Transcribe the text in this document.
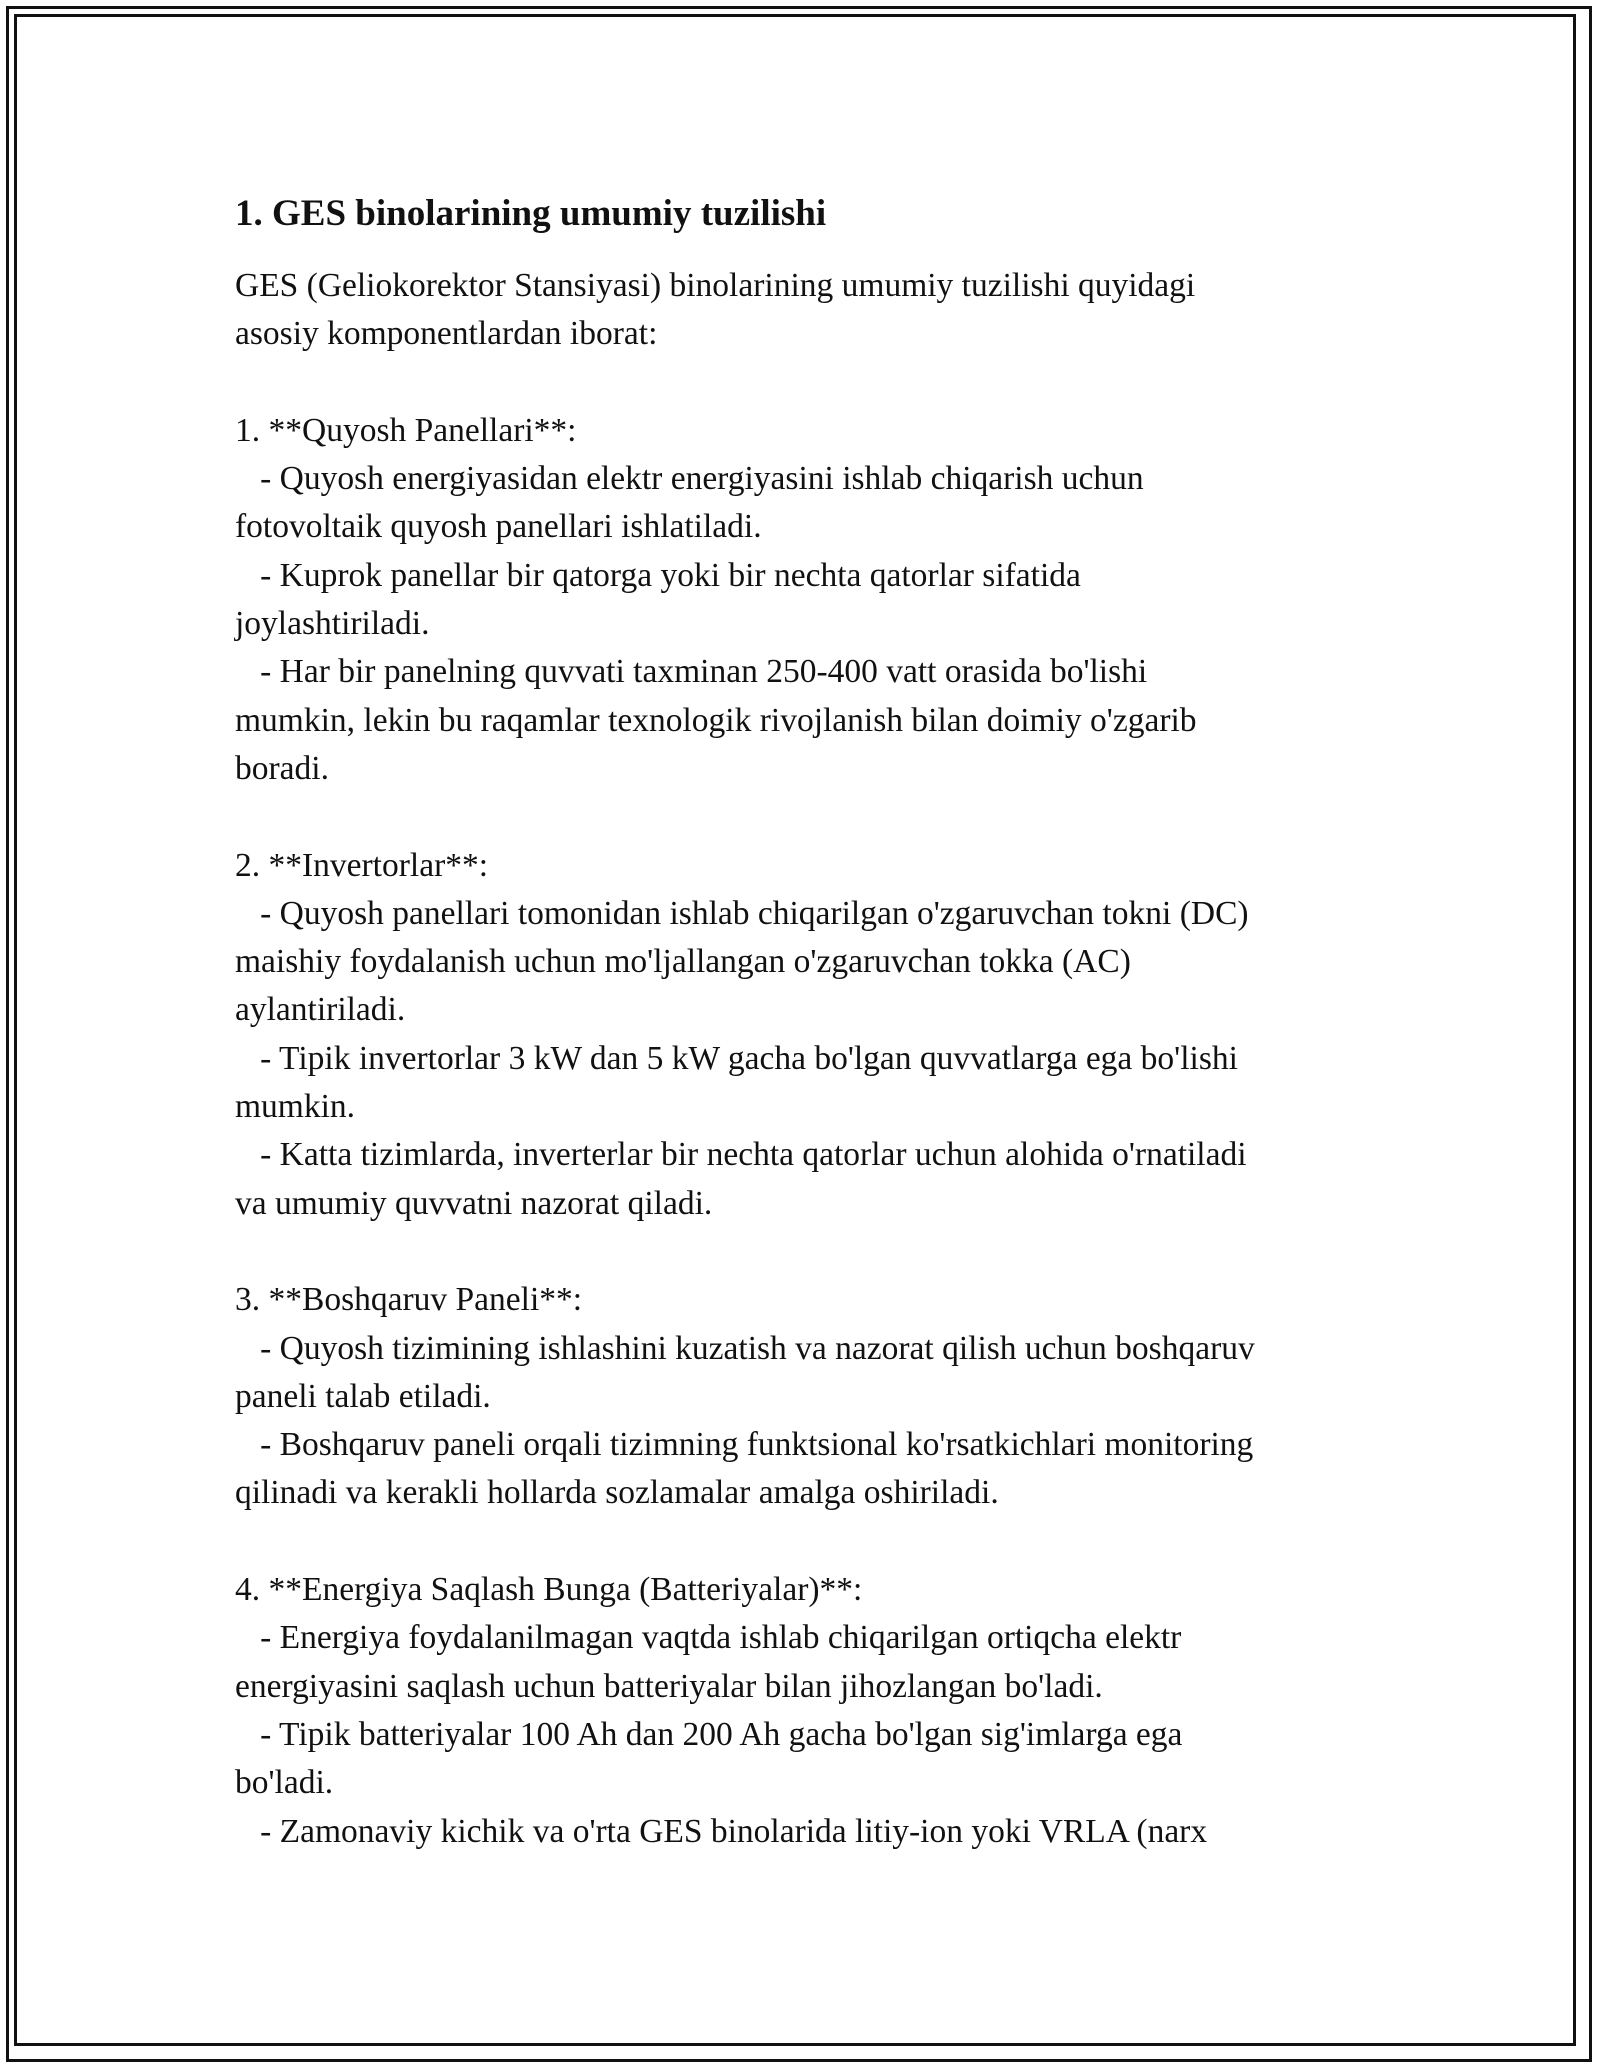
1. GES binolarining umumiy tuzilishi

GES (Geliokorektor Stansiyasi) binolarining umumiy tuzilishi quyidagi
asosiy komponentlardan iborat:

1. **Quyosh Panellari**:

- Quyosh energiyasidan elektr energiyasini ishlab chiqarish uchun
fotovoltaik quyosh panellari ishlatiladi.

- Kuprok panellar bir qatorga yoki bir nechta qatorlar sifatida
joylashtiriladi.

- Har bir panelning quvvati taxminan 250-400 vatt orasida bo'lishi
mumkin, lekin bu raqamlar texnologik rivojlanish bilan doimiy o'zgarib
boradi.

2. **Invertorlar**:

- Quyosh panellari tomonidan ishlab chiqarilgan o'zgaruvchan tokni (DC)
maishiy foydalanish uchun mo'ljallangan o'zgaruvchan tokka (AC)
aylantiriladi.

- Tipik invertorlar 3 kW dan 5 kW gacha bo'lgan quvvatlarga ega bo'lishi
mumkin.

- Katta tizimlarda, inverterlar bir nechta qatorlar uchun alohida o'rnatiladi
va umumiy quvvatni nazorat qiladi.

3. **Boshqaruv Paneli**:

- Quyosh tizimining ishlashini kuzatish va nazorat qilish uchun boshqaruv
paneli talab etiladi.

- Boshqaruv paneli orqali tizimning funktsional ko'rsatkichlari monitoring
qilinadi va kerakli hollarda sozlamalar amalga oshiriladi.

4. **Energiya Saqlash Bunga (Batteriyalar)**:

- Energiya foydalanilmagan vaqtda ishlab chiqarilgan ortiqcha elektr
energiyasini saqlash uchun batteriyalar bilan jihozlangan bo'ladi.

- Tipik batteriyalar 100 Ah dan 200 Ah gacha bo'lgan sig'imlarga ega
bo'ladi.

- Zamonaviy kichik va o'rta GES binolarida litiy-ion yoki VRLA (narx
